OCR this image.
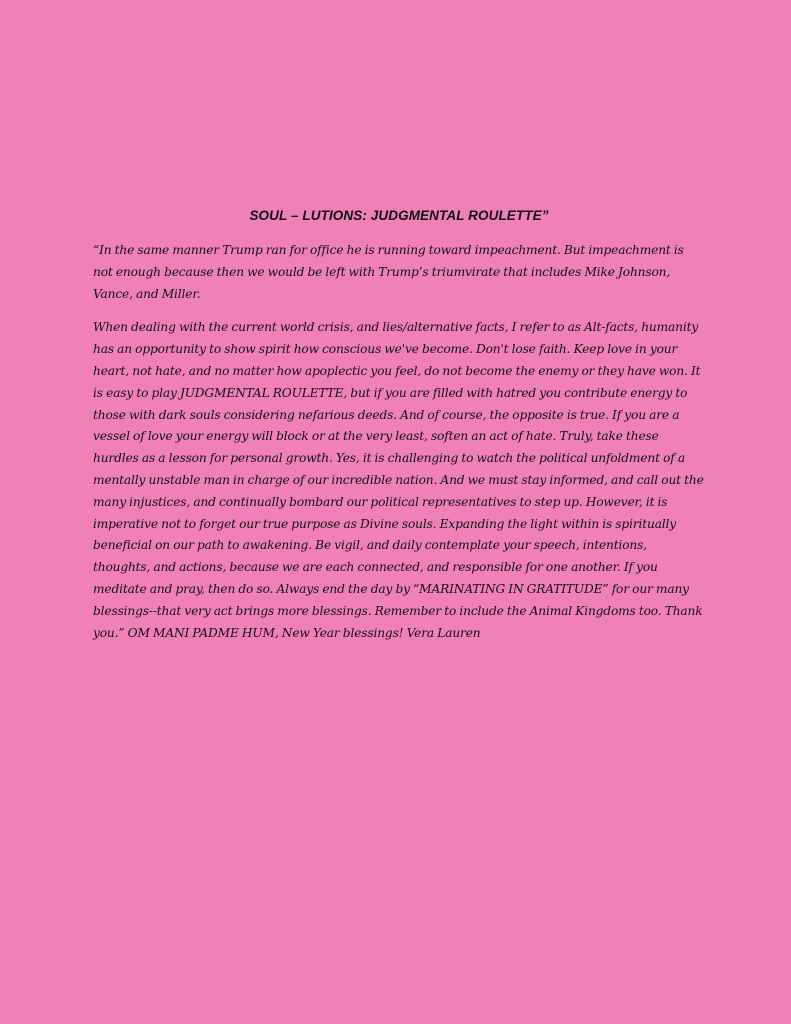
SOUL – LUTIONS: JUDGMENTAL ROULETTE”

“In the same manner Trump ran for office he is running toward impeachment. But impeachment is not enough because then we would be left with Trump’s triumvirate that includes Mike Johnson, Vance, and Miller.

When dealing with the current world crisis, and lies/alternative facts, I refer to as Alt-facts, humanity has an opportunity to show spirit how conscious we've become. Don't lose faith. Keep love in your heart, not hate, and no matter how apoplectic you feel, do not become the enemy or they have won. It is easy to play JUDGMENTAL ROULETTE, but if you are filled with hatred you contribute energy to those with dark souls considering nefarious deeds. And of course, the opposite is true. If you are a vessel of love your energy will block or at the very least, soften an act of hate. Truly, take these hurdles as a lesson for personal growth. Yes, it is challenging to watch the political unfoldment of a mentally unstable man in charge of our incredible nation. And we must stay informed, and call out the many injustices, and continually bombard our political representatives to step up. However, it is imperative not to forget our true purpose as Divine souls. Expanding the light within is spiritually beneficial on our path to awakening. Be vigil, and daily contemplate your speech, intentions, thoughts, and actions, because we are each connected, and responsible for one another. If you meditate and pray, then do so. Always end the day by “MARINATING IN GRATITUDE” for our many blessings--that very act brings more blessings. Remember to include the Animal Kingdoms too. Thank you.” OM MANI PADME HUM, New Year blessings! Vera Lauren
